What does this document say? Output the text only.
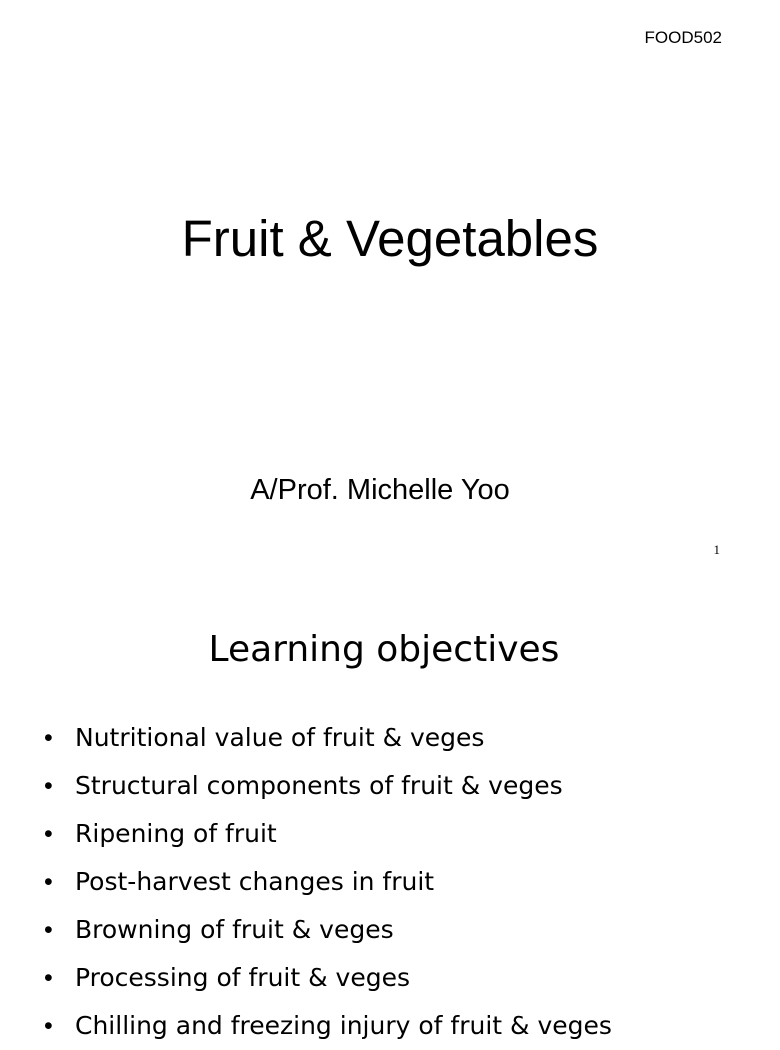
FOOD502
Fruit & Vegetables
A/Prof. Michelle Yoo
1
Learning objectives
• Nutritional value of fruit & veges
• Structural components of fruit & veges
• Ripening of fruit
• Post-harvest changes in fruit
• Browning of fruit & veges
• Processing of fruit & veges
• Chilling and freezing injury of fruit & veges
